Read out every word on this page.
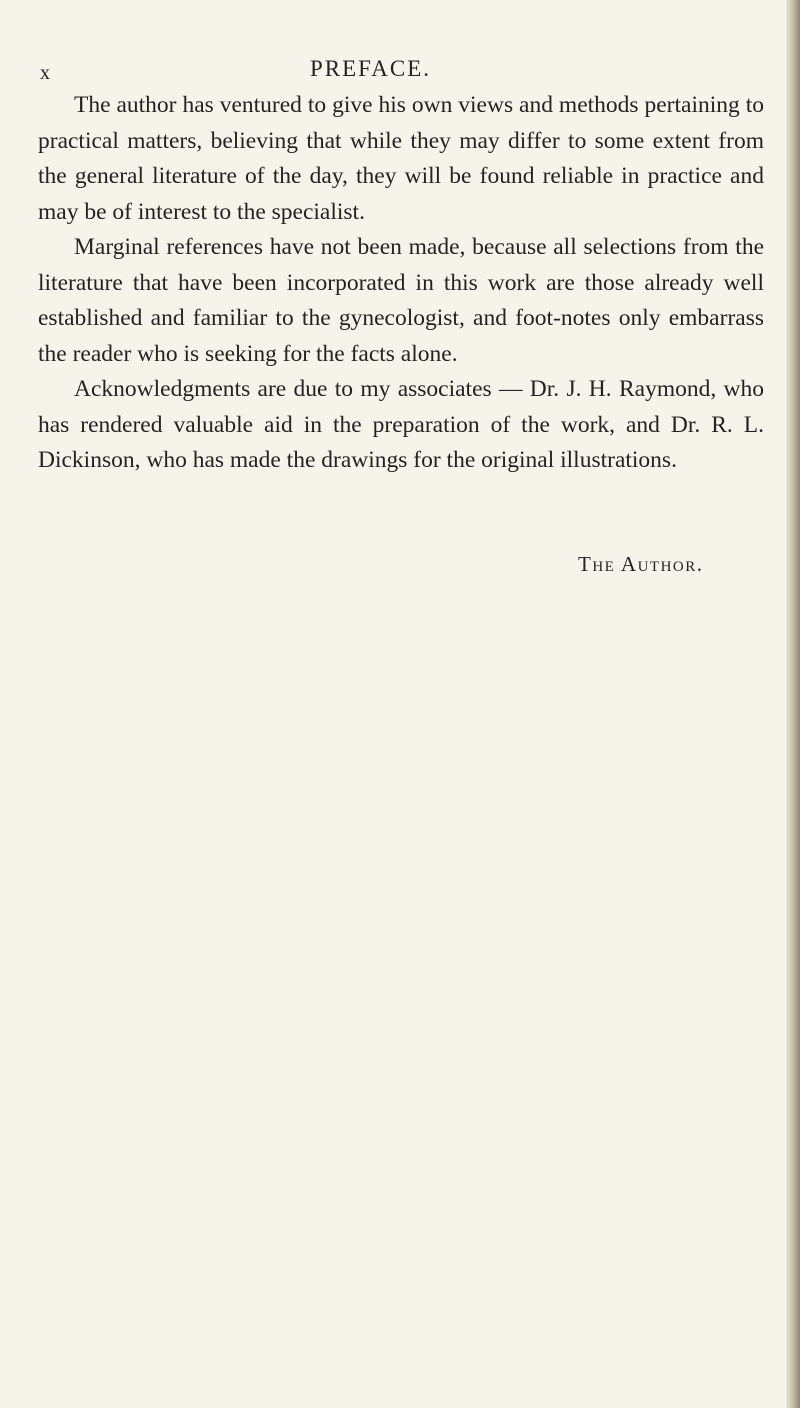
x	PREFACE.

The author has ventured to give his own views and methods pertaining to practical matters, believing that while they may differ to some extent from the general literature of the day, they will be found reliable in practice and may be of interest to the specialist.

Marginal references have not been made, because all selections from the literature that have been incorporated in this work are those already well established and familiar to the gynecologist, and foot-notes only embarrass the reader who is seeking for the facts alone.

Acknowledgments are due to my associates — Dr. J. H. Raymond, who has rendered valuable aid in the preparation of the work, and Dr. R. L. Dickinson, who has made the drawings for the original illustrations.

The Author.
